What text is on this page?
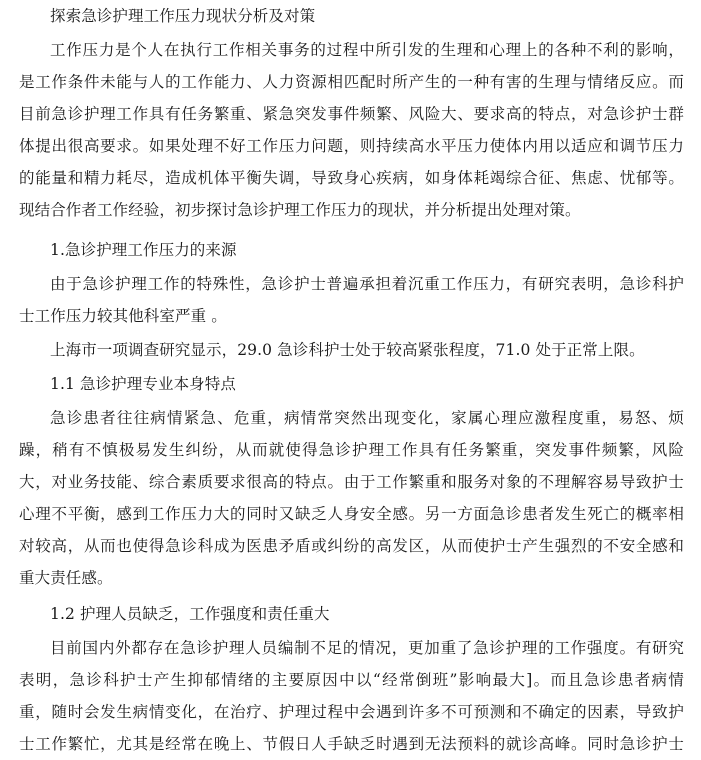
探索急诊护理工作压力现状分析及对策
工作压力是个人在执行工作相关事务的过程中所引发的生理和心理上的各种不利的影响，
是工作条件未能与人的工作能力、人力资源相匹配时所产生的一种有害的生理与情绪反应。而
目前急诊护理工作具有任务繁重、紧急突发事件频繁、风险大、要求高的特点，对急诊护士群
体提出很高要求。如果处理不好工作压力问题，则持续高水平压力使体内用以适应和调节压力
的能量和精力耗尽，造成机体平衡失调，导致身心疾病，如身体耗竭综合征、焦虑、忧郁等。
现结合作者工作经验，初步探讨急诊护理工作压力的现状，并分析提出处理对策。
1.急诊护理工作压力的来源
由于急诊护理工作的特殊性，急诊护士普遍承担着沉重工作压力，有研究表明，急诊科护
士工作压力较其他科室严重 。
上海市一项调查研究显示，29.0 急诊科护士处于较高紧张程度，71.0 处于正常上限。
1.1 急诊护理专业本身特点
急诊患者往往病情紧急、危重，病情常突然出现变化，家属心理应激程度重，易怒、烦
躁，稍有不慎极易发生纠纷，从而就使得急诊护理工作具有任务繁重，突发事件频繁，风险
大，对业务技能、综合素质要求很高的特点。由于工作繁重和服务对象的不理解容易导致护士
心理不平衡，感到工作压力大的同时又缺乏人身安全感。另一方面急诊患者发生死亡的概率相
对较高，从而也使得急诊科成为医患矛盾或纠纷的高发区，从而使护士产生强烈的不安全感和
重大责任感。
1.2 护理人员缺乏，工作强度和责任重大
目前国内外都存在急诊护理人员编制不足的情况，更加重了急诊护理的工作强度。有研究
表明，急诊科护士产生抑郁情绪的主要原因中以“经常倒班”影响最大]。而且急诊患者病情
重，随时会发生病情变化，在治疗、护理过程中会遇到许多不可预测和不确定的因素，导致护
士工作繁忙，尤其是经常在晚上、节假日人手缺乏时遇到无法预料的就诊高峰。同时急诊护士
